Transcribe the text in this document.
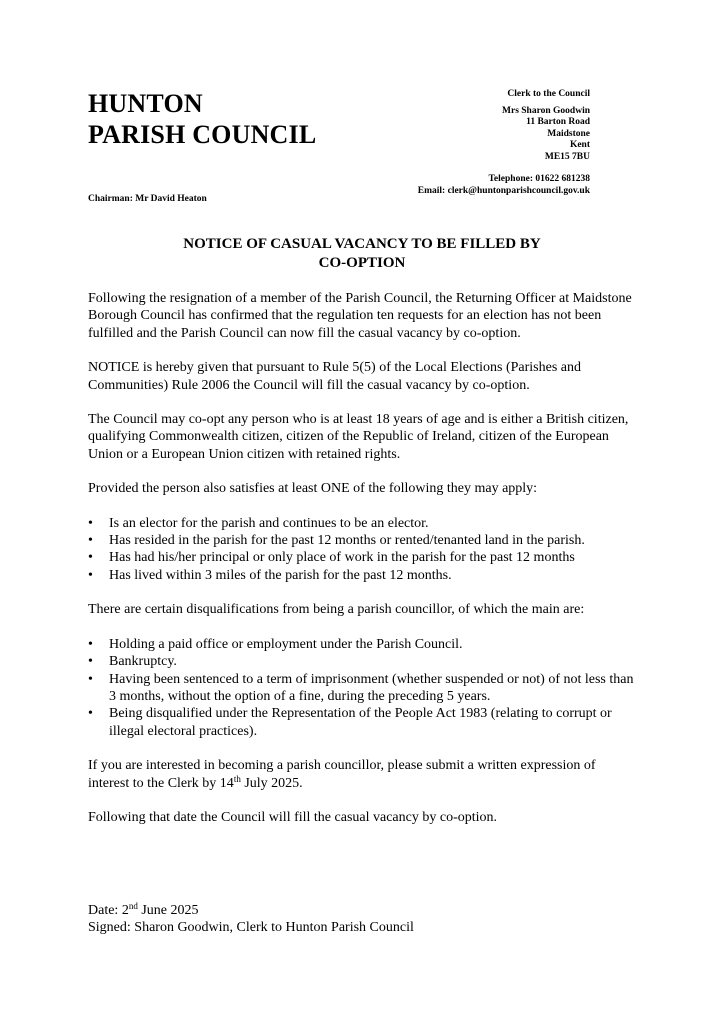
HUNTON
PARISH COUNCIL
Clerk to the Council
Mrs Sharon Goodwin
11 Barton Road
Maidstone
Kent
ME15 7BU
Telephone: 01622 681238
Email: clerk@huntonparishcouncil.gov.uk
Chairman: Mr David Heaton
NOTICE OF CASUAL VACANCY TO BE FILLED BY
CO-OPTION

Following the resignation of a member of the Parish Council, the Returning Officer at Maidstone Borough Council has confirmed that the regulation ten requests for an election has not been fulfilled and the Parish Council can now fill the casual vacancy by co-option.

NOTICE is hereby given that pursuant to Rule 5(5) of the Local Elections (Parishes and Communities) Rule 2006 the Council will fill the casual vacancy by co-option.

The Council may co-opt any person who is at least 18 years of age and is either a British citizen, qualifying Commonwealth citizen, citizen of the Republic of Ireland, citizen of the European Union or a European Union citizen with retained rights.

Provided the person also satisfies at least ONE of the following they may apply:

• Is an elector for the parish and continues to be an elector.
• Has resided in the parish for the past 12 months or rented/tenanted land in the parish.
• Has had his/her principal or only place of work in the parish for the past 12 months
• Has lived within 3 miles of the parish for the past 12 months.

There are certain disqualifications from being a parish councillor, of which the main are:

• Holding a paid office or employment under the Parish Council.
• Bankruptcy.
• Having been sentenced to a term of imprisonment (whether suspended or not) of not less than 3 months, without the option of a fine, during the preceding 5 years.
• Being disqualified under the Representation of the People Act 1983 (relating to corrupt or illegal electoral practices).

If you are interested in becoming a parish councillor, please submit a written expression of interest to the Clerk by 14th July 2025.

Following that date the Council will fill the casual vacancy by co-option.

Date: 2nd June 2025
Signed: Sharon Goodwin, Clerk to Hunton Parish Council
